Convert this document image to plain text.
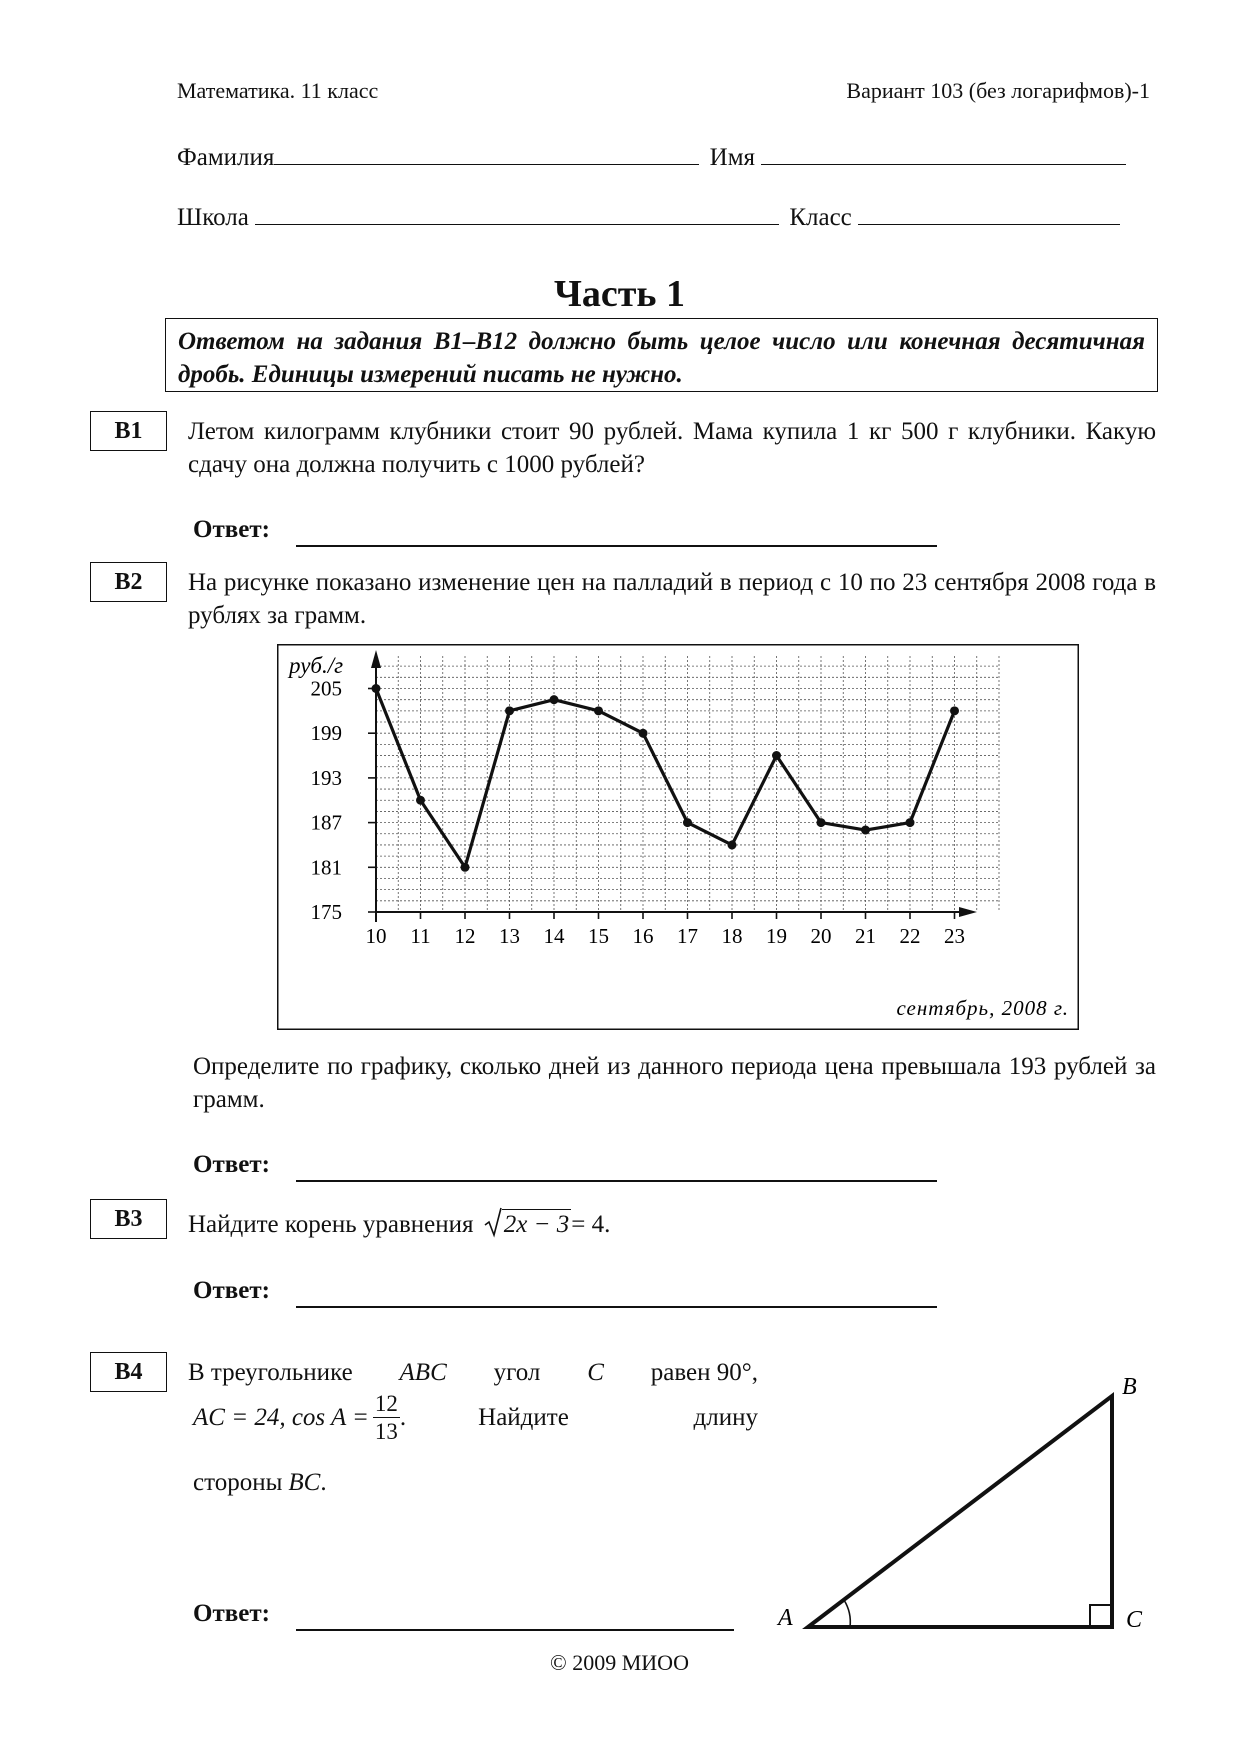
Математика. 11 класс	Вариант 103 (без логарифмов)-1
Фамилия	Имя
Школа	Класс
Часть 1
Ответом на задания В1–В12 должно быть целое число или конечная десятичная дробь. Единицы измерений писать не нужно.
В1	Летом килограмм клубники стоит 90 рублей. Мама купила 1 кг 500 г клубники. Какую сдачу она должна получить с 1000 рублей?
Ответ:
В2	На рисунке показано изменение цен на палладий в период с 10 по 23 сентября 2008 года в рублях за грамм.
175
181
187
193
199
205
10 11 12 13 14 15 16 17 18 19 20 21 22 23
руб./г
сентябрь, 2008 г.
Определите по графику, сколько дней из данного периода цена превышала 193 рублей за грамм.
Ответ:
В3	Найдите корень уравнения 2x − 3= 4.
Ответ:
В4	В треугольнике ABC угол C равен 90°,
AC = 24, $\cos A = \frac{12}{13}$ .	Найдите	длину
стороны BC.
A
B
C
Ответ:
© 2009 МИОО
